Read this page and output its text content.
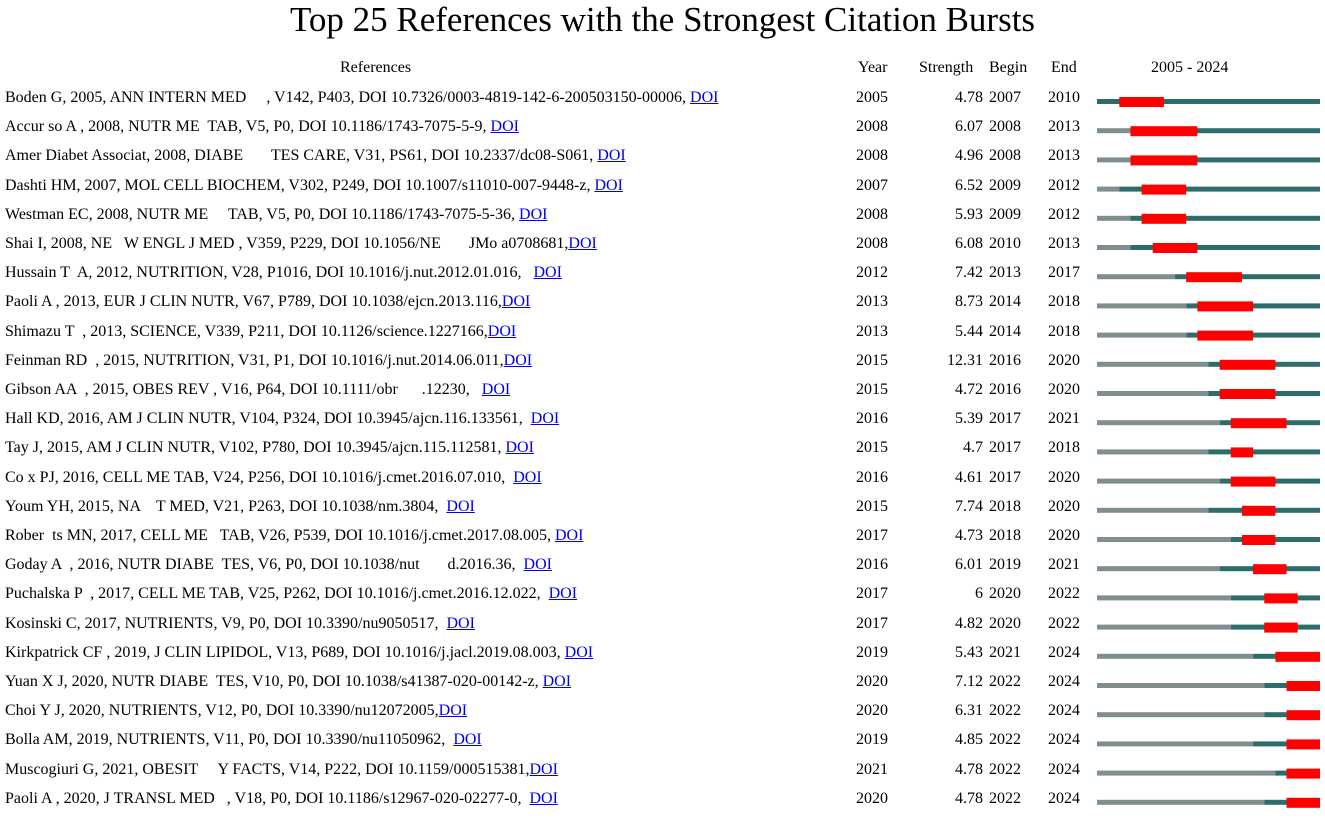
Top 25 References with the Strongest Citation Bursts
References	Year Strength Begin End	2005 - 2024
Boden G, 2005, ANN INTERN MED     , V142, P403, DOI 10.7326/0003-4819-142-6-200503150-00006, DOI	2005	4.78 2007 2010
Accur so A , 2008, NUTR ME  TAB, V5, P0, DOI 10.1186/1743-7075-5-9, DOI	2008	6.07 2008 2013
Amer Diabet Associat, 2008, DIABE       TES CARE, V31, PS61, DOI 10.2337/dc08-S061, DOI	2008	4.96 2008 2013
Dashti HM, 2007, MOL CELL BIOCHEM, V302, P249, DOI 10.1007/s11010-007-9448-z, DOI	2007	6.52 2009 2012
Westman EC, 2008, NUTR ME     TAB, V5, P0, DOI 10.1186/1743-7075-5-36, DOI	2008	5.93 2009 2012
Shai I, 2008, NE   W ENGL J MED , V359, P229, DOI 10.1056/NE       JMo a0708681,DOI	2008	6.08 2010 2013
Hussain T  A, 2012, NUTRITION, V28, P1016, DOI 10.1016/j.nut.2012.01.016,   DOI	2012	7.42 2013 2017
Paoli A , 2013, EUR J CLIN NUTR, V67, P789, DOI 10.1038/ejcn.2013.116,DOI	2013	8.73 2014 2018
Shimazu T  , 2013, SCIENCE, V339, P211, DOI 10.1126/science.1227166,DOI	2013	5.44 2014 2018
Feinman RD  , 2015, NUTRITION, V31, P1, DOI 10.1016/j.nut.2014.06.011,DOI	2015	12.31 2016 2020
Gibson AA  , 2015, OBES REV , V16, P64, DOI 10.1111/obr      .12230,   DOI	2015	4.72 2016 2020
Hall KD, 2016, AM J CLIN NUTR, V104, P324, DOI 10.3945/ajcn.116.133561,  DOI	2016	5.39 2017 2021
Tay J, 2015, AM J CLIN NUTR, V102, P780, DOI 10.3945/ajcn.115.112581, DOI	2015	4.7 2017 2018
Co x PJ, 2016, CELL ME TAB, V24, P256, DOI 10.1016/j.cmet.2016.07.010,  DOI	2016	4.61 2017 2020
Youm YH, 2015, NA    T MED, V21, P263, DOI 10.1038/nm.3804,  DOI	2015	7.74 2018 2020
Rober  ts MN, 2017, CELL ME   TAB, V26, P539, DOI 10.1016/j.cmet.2017.08.005, DOI	2017	4.73 2018 2020
Goday A  , 2016, NUTR DIABE  TES, V6, P0, DOI 10.1038/nut       d.2016.36,  DOI	2016	6.01 2019 2021
Puchalska P  , 2017, CELL ME TAB, V25, P262, DOI 10.1016/j.cmet.2016.12.022,  DOI	2017	6 2020 2022
Kosinski C, 2017, NUTRIENTS, V9, P0, DOI 10.3390/nu9050517,  DOI	2017	4.82 2020 2022
Kirkpatrick CF , 2019, J CLIN LIPIDOL, V13, P689, DOI 10.1016/j.jacl.2019.08.003, DOI	2019	5.43 2021 2024
Yuan X J, 2020, NUTR DIABE  TES, V10, P0, DOI 10.1038/s41387-020-00142-z, DOI	2020	7.12 2022 2024
Choi Y J, 2020, NUTRIENTS, V12, P0, DOI 10.3390/nu12072005,DOI	2020	6.31 2022 2024
Bolla AM, 2019, NUTRIENTS, V11, P0, DOI 10.3390/nu11050962,  DOI	2019	4.85 2022 2024
Muscogiuri G, 2021, OBESIT     Y FACTS, V14, P222, DOI 10.1159/000515381,DOI	2021	4.78 2022 2024
Paoli A , 2020, J TRANSL MED   , V18, P0, DOI 10.1186/s12967-020-02277-0,  DOI	2020	4.78 2022 2024
